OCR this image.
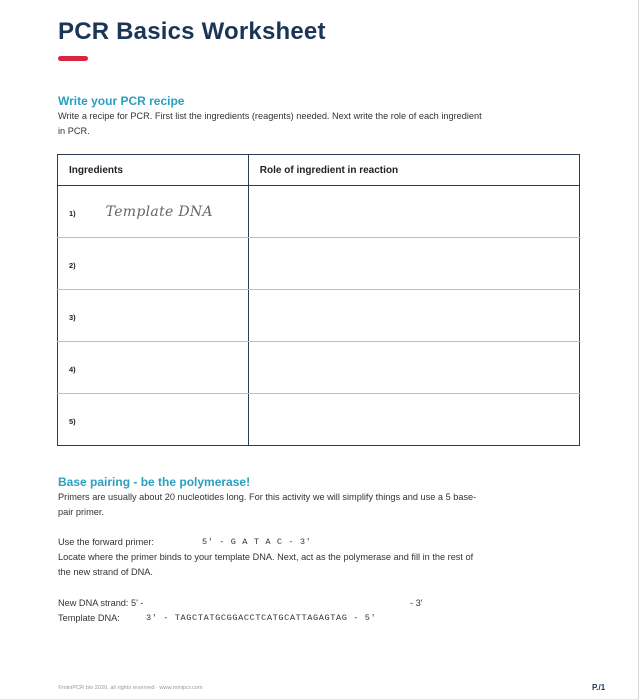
PCR Basics Worksheet
Write your PCR recipe
Write a recipe for PCR. First list the ingredients (reagents) needed. Next write the role of each ingredient
in PCR.
Ingredients	Role of ingredient in reaction
1) Template DNA	
2)	
3)	
4)	
5)	
Base pairing - be the polymerase!
Primers are usually about 20 nucleotides long. For this activity we will simplify things and use a 5 base-
pair primer.
Use the forward primer:	5' - G A T A C - 3'
Locate where the primer binds to your template DNA. Next, act as the polymerase and fill in the rest of
the new strand of DNA.
New DNA strand: 5' -	- 3'
Template DNA:	3' - TAGCTATGCGGACCTCATGCATTAGAGTAG - 5'
©miniPCR bio 2020, all rights reserved · www.minipcr.com	P./1
